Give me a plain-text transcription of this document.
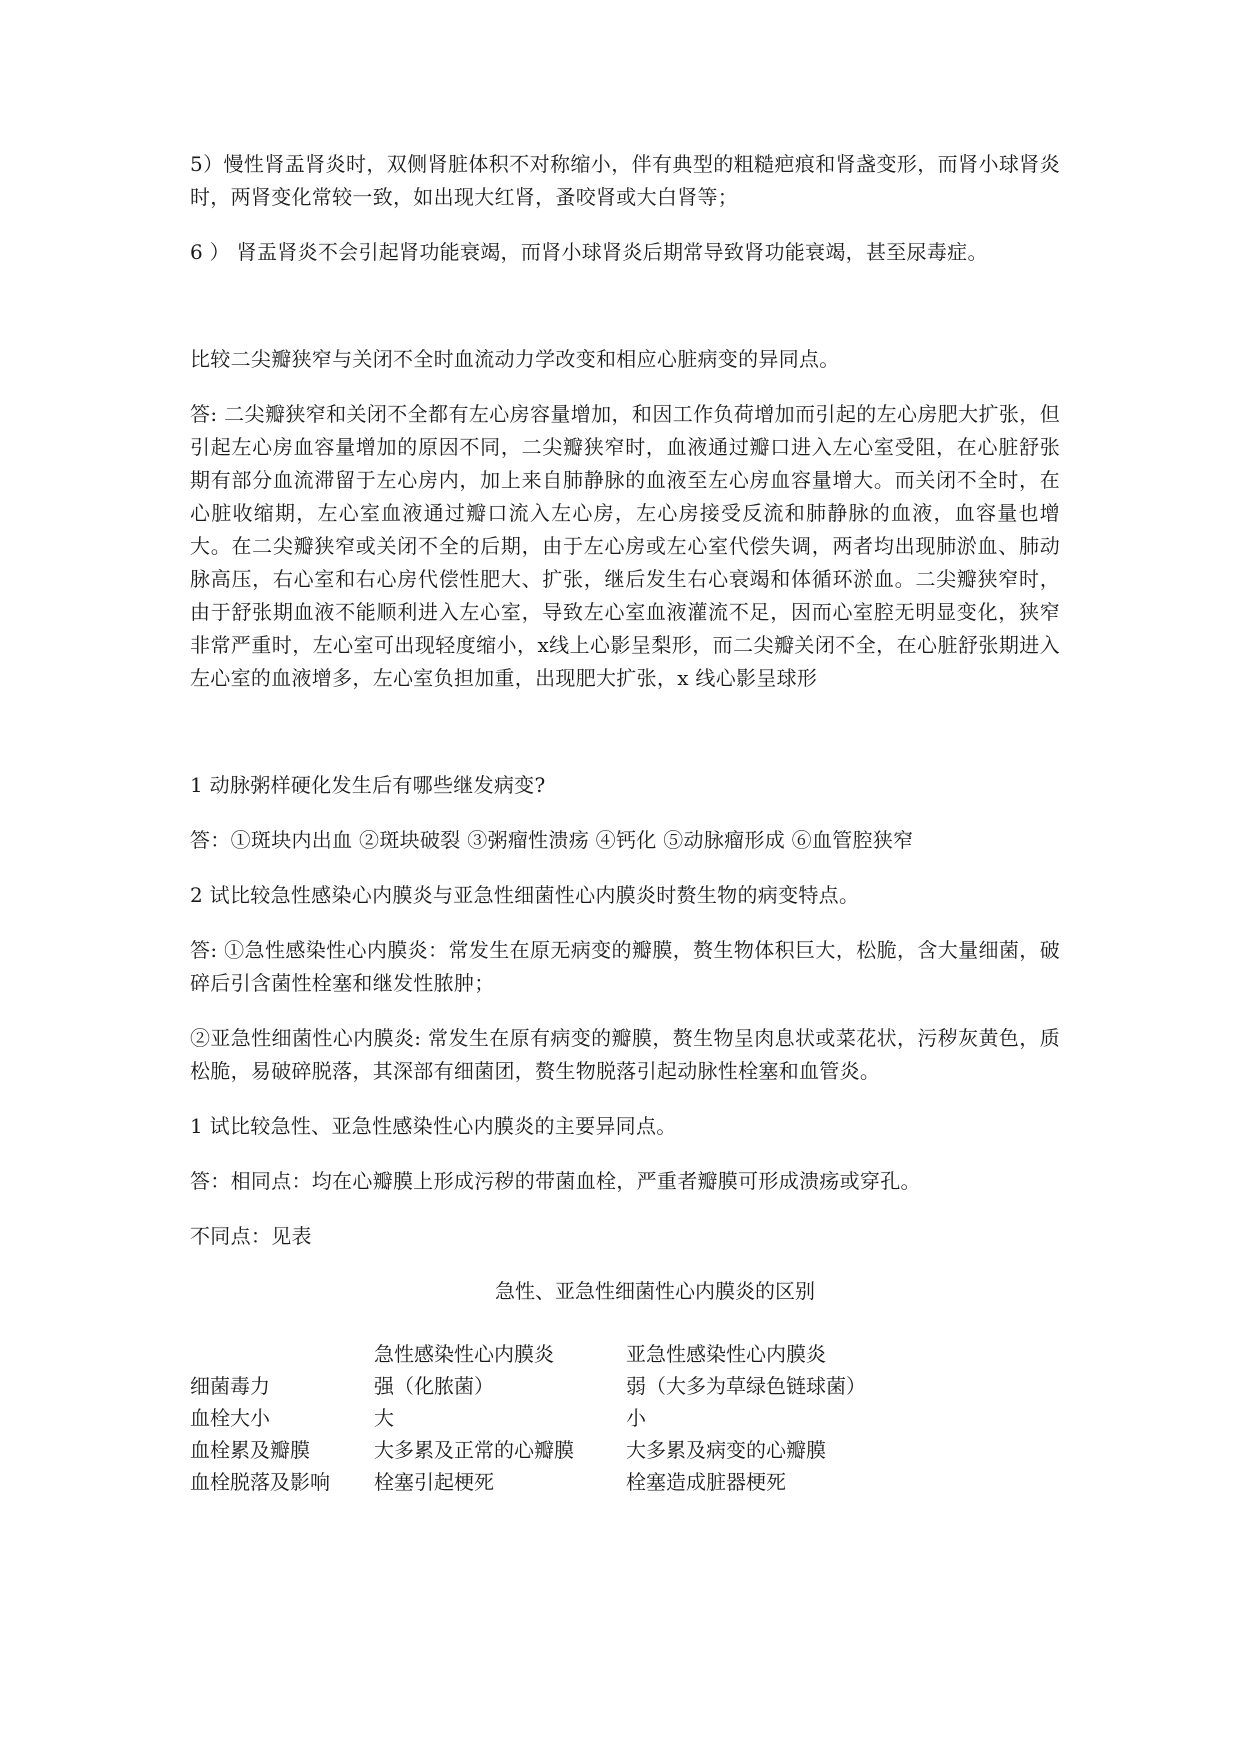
5）慢性肾盂肾炎时，双侧肾脏体积不对称缩小，伴有典型的粗糙疤痕和肾盏变形，而肾小球肾炎时，两肾变化常较一致，如出现大红肾，蚤咬肾或大白肾等；

6 ） 肾盂肾炎不会引起肾功能衰竭，而肾小球肾炎后期常导致肾功能衰竭，甚至尿毒症。

比较二尖瓣狭窄与关闭不全时血流动力学改变和相应心脏病变的异同点。

答: 二尖瓣狭窄和关闭不全都有左心房容量增加，和因工作负荷增加而引起的左心房肥大扩张，但引起左心房血容量增加的原因不同，二尖瓣狭窄时，血液通过瓣口进入左心室受阻，在心脏舒张期有部分血流滞留于左心房内，加上来自肺静脉的血液至左心房血容量增大。而关闭不全时，在心脏收缩期，左心室血液通过瓣口流入左心房，左心房接受反流和肺静脉的血液，血容量也增大。在二尖瓣狭窄或关闭不全的后期，由于左心房或左心室代偿失调，两者均出现肺淤血、肺动脉高压，右心室和右心房代偿性肥大、扩张，继后发生右心衰竭和体循环淤血。二尖瓣狭窄时，由于舒张期血液不能顺利进入左心室，导致左心室血液灌流不足，因而心室腔无明显变化，狭窄非常严重时，左心室可出现轻度缩小，x线上心影呈梨形，而二尖瓣关闭不全，在心脏舒张期进入左心室的血液增多，左心室负担加重，出现肥大扩张，x 线心影呈球形

1 动脉粥样硬化发生后有哪些继发病变?

答：①斑块内出血 ②斑块破裂 ③粥瘤性溃疡 ④钙化 ⑤动脉瘤形成 ⑥血管腔狭窄

2 试比较急性感染心内膜炎与亚急性细菌性心内膜炎时赘生物的病变特点。

答: ①急性感染性心内膜炎：常发生在原无病变的瓣膜，赘生物体积巨大，松脆，含大量细菌，破碎后引含菌性栓塞和继发性脓肿；

②亚急性细菌性心内膜炎: 常发生在原有病变的瓣膜，赘生物呈肉息状或菜花状，污秽灰黄色，质松脆，易破碎脱落，其深部有细菌团，赘生物脱落引起动脉性栓塞和血管炎。

1 试比较急性、亚急性感染性心内膜炎的主要异同点。

答：相同点：均在心瓣膜上形成污秽的带菌血栓，严重者瓣膜可形成溃疡或穿孔。

不同点：见表

急性、亚急性细菌性心内膜炎的区别
	急性感染性心内膜炎	亚急性感染性心内膜炎
细菌毒力	强（化脓菌）	弱（大多为草绿色链球菌）
血栓大小	大	小
血栓累及瓣膜	大多累及正常的心瓣膜	大多累及病变的心瓣膜
血栓脱落及影响	栓塞引起梗死	栓塞造成脏器梗死
